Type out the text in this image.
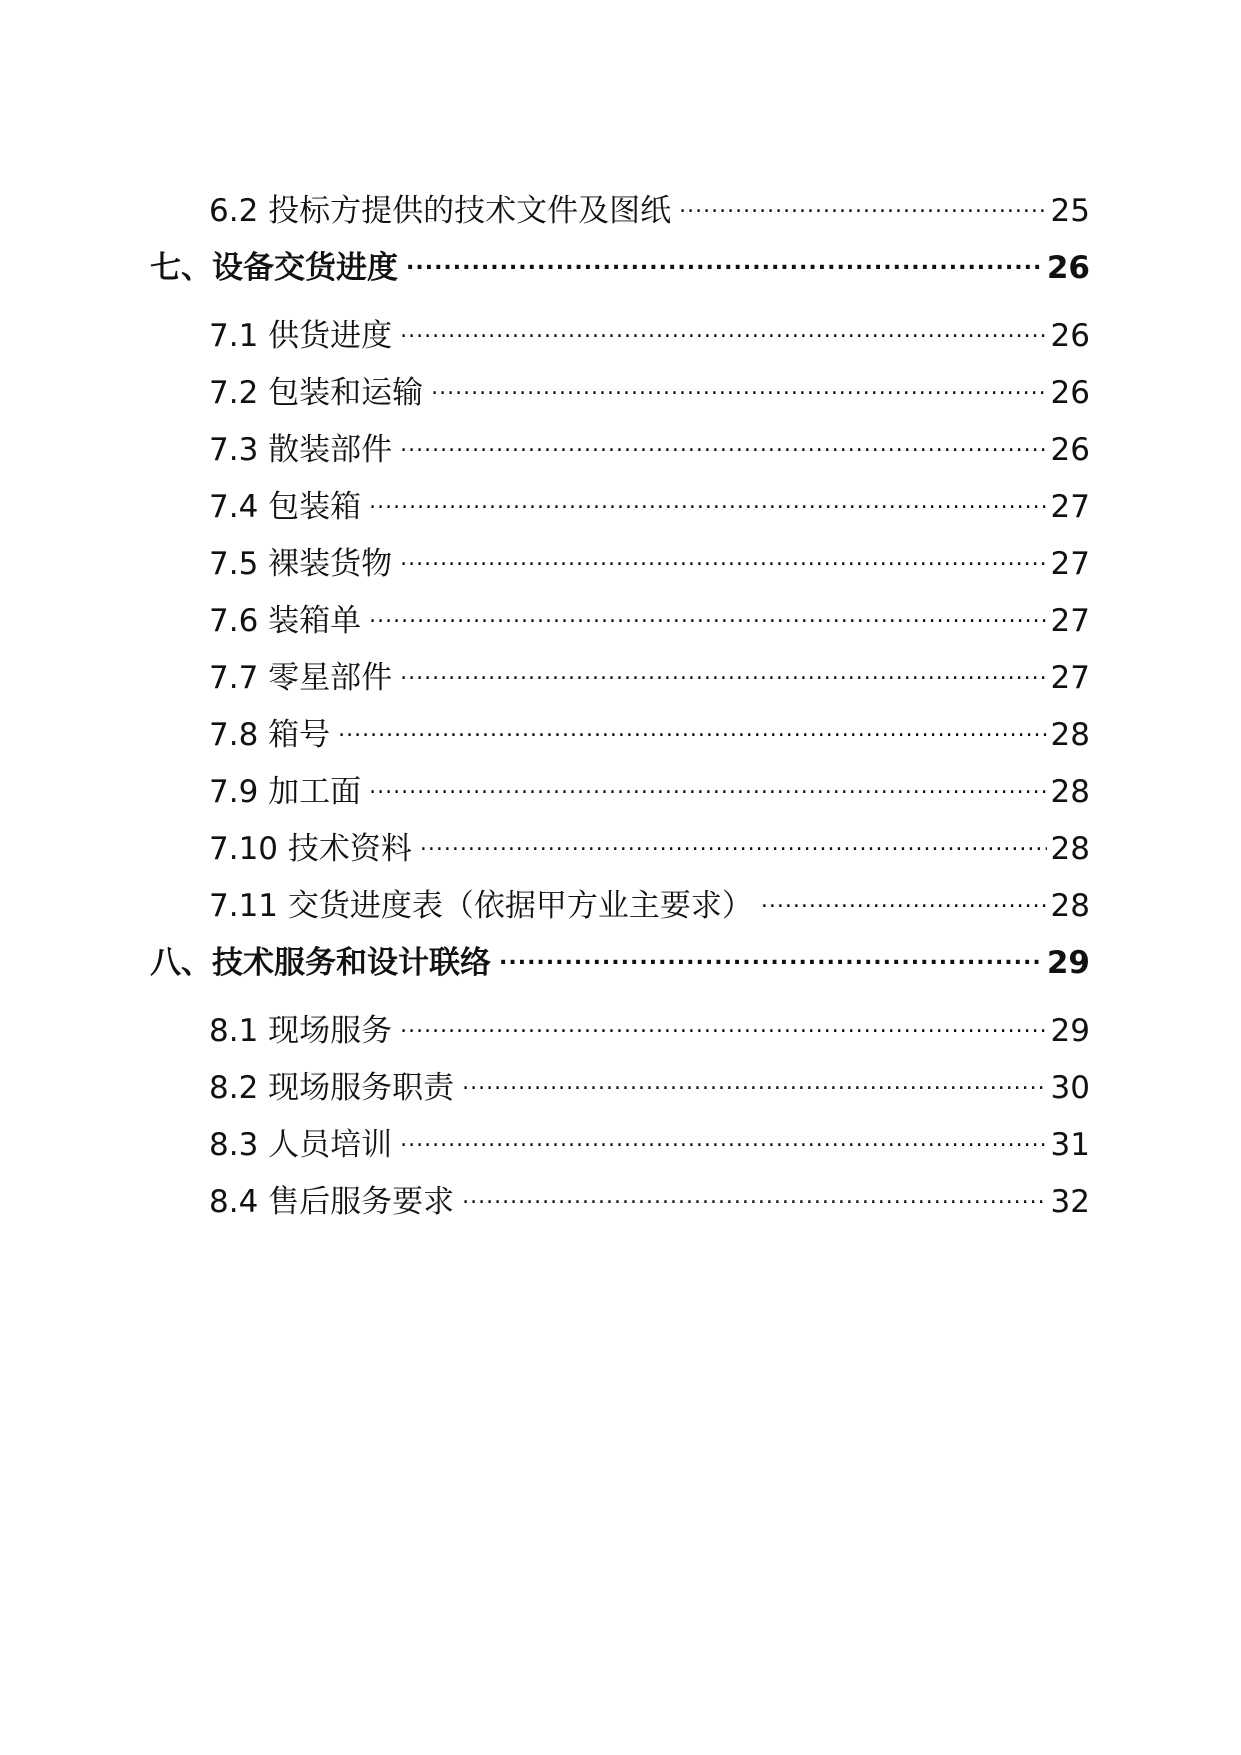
6.2 投标方提供的技术文件及图纸 .....	25
七、设备交货进度 .....	26
7.1 供货进度 .....	26
7.2 包装和运输 .....	26
7.3 散装部件 .....	26
7.4 包装箱 .....	27
7.5 裸装货物 .....	27
7.6 装箱单 .....	27
7.7 零星部件 .....	27
7.8 箱号 .....	28
7.9 加工面 .....	28
7.10 技术资料 .....	28
7.11 交货进度表（依据甲方业主要求） .....	28
八、技术服务和设计联络 .....	29
8.1 现场服务 .....	29
8.2 现场服务职责 .....	30
8.3 人员培训 .....	31
8.4 售后服务要求 .....	32
